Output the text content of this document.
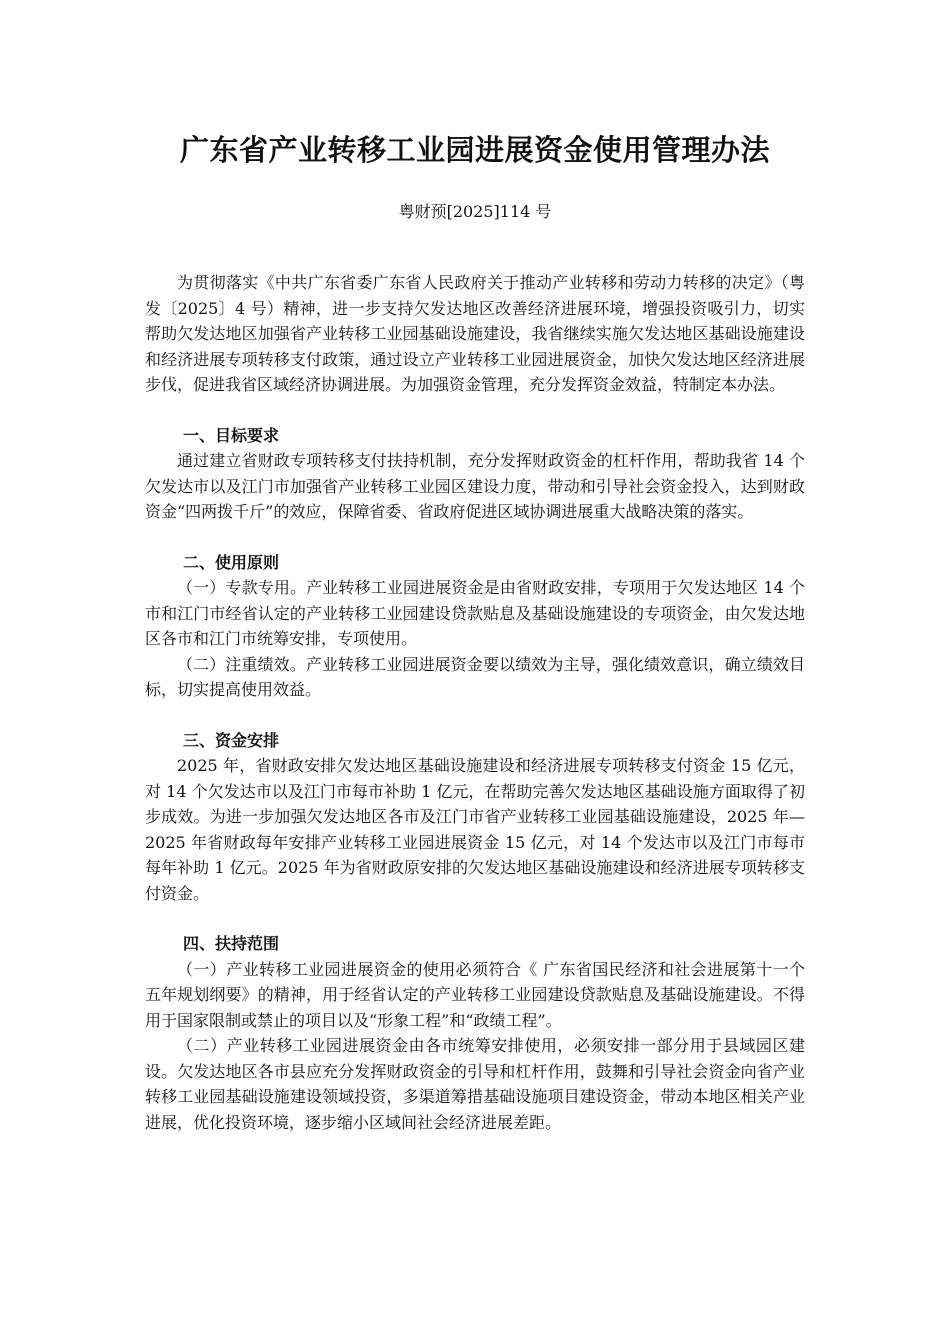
广东省产业转移工业园进展资金使用管理办法
粤财预[2025]114 号

为贯彻落实《中共广东省委广东省人民政府关于推动产业转移和劳动力转移的决定》（粤发〔2025〕4 号）精神，进一步支持欠发达地区改善经济进展环境，增强投资吸引力，切实帮助欠发达地区加强省产业转移工业园基础设施建设，我省继续实施欠发达地区基础设施建设和经济进展专项转移支付政策，通过设立产业转移工业园进展资金，加快欠发达地区经济进展步伐，促进我省区域经济协调进展。为加强资金管理，充分发挥资金效益，特制定本办法。

一、目标要求

通过建立省财政专项转移支付扶持机制，充分发挥财政资金的杠杆作用，帮助我省 14 个欠发达市以及江门市加强省产业转移工业园区建设力度，带动和引导社会资金投入，达到财政资金“四两拨千斤”的效应，保障省委、省政府促进区域协调进展重大战略决策的落实。

二、使用原则

（一）专款专用。产业转移工业园进展资金是由省财政安排，专项用于欠发达地区 14 个市和江门市经省认定的产业转移工业园建设贷款贴息及基础设施建设的专项资金，由欠发达地区各市和江门市统筹安排，专项使用。

（二）注重绩效。产业转移工业园进展资金要以绩效为主导，强化绩效意识，确立绩效目标，切实提高使用效益。

三、资金安排

2025 年，省财政安排欠发达地区基础设施建设和经济进展专项转移支付资金 15 亿元，对 14 个欠发达市以及江门市每市补助 1 亿元，在帮助完善欠发达地区基础设施方面取得了初步成效。为进一步加强欠发达地区各市及江门市省产业转移工业园基础设施建设，2025 年—2025 年省财政每年安排产业转移工业园进展资金 15 亿元，对 14 个发达市以及江门市每市每年补助 1 亿元。2025 年为省财政原安排的欠发达地区基础设施建设和经济进展专项转移支付资金。

四、扶持范围

（一）产业转移工业园进展资金的使用必须符合《 广东省国民经济和社会进展第十一个五年规划纲要》的精神，用于经省认定的产业转移工业园建设贷款贴息及基础设施建设。不得用于国家限制或禁止的项目以及“形象工程”和“政绩工程”。

（二）产业转移工业园进展资金由各市统筹安排使用，必须安排一部分用于县域园区建设。欠发达地区各市县应充分发挥财政资金的引导和杠杆作用，鼓舞和引导社会资金向省产业转移工业园基础设施建设领域投资，多渠道筹措基础设施项目建设资金，带动本地区相关产业进展，优化投资环境，逐步缩小区域间社会经济进展差距。
